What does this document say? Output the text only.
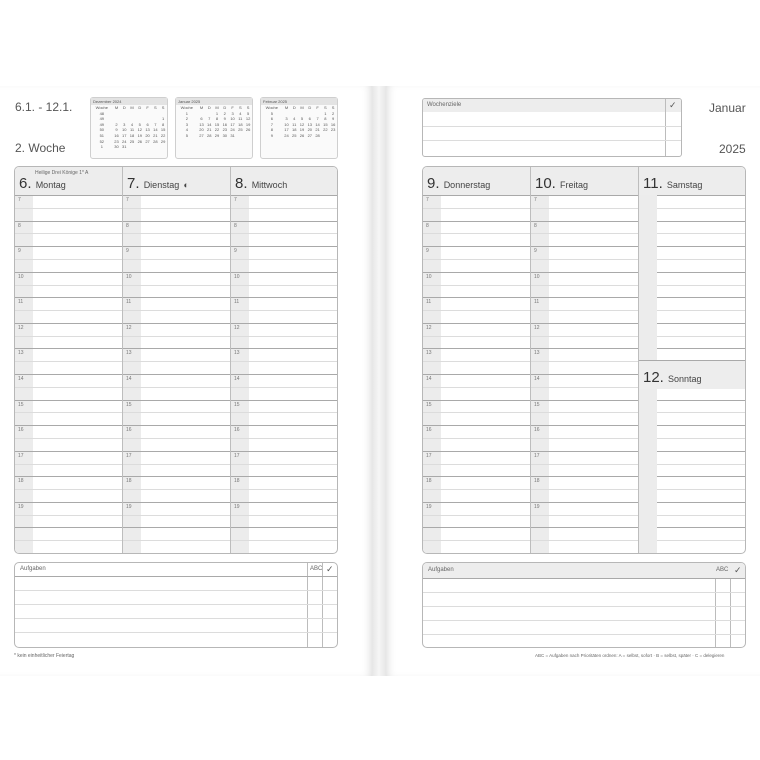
6.1. - 12.1.
2. Woche
Dezember 2024
Woche	M	D	M	D	F	S	S
48							
49							1
49	2	3	4	5	6	7	8
50	9	10	11	12	13	14	15
51	16	17	18	19	20	21	22
52	23	24	25	26	27	28	29
1	30	31					
Januar 2025
Woche	M	D	M	D	F	S	S
1			1	2	3	4	5
2	6	7	8	9	10	11	12
3	13	14	15	16	17	18	19
4	20	21	22	23	24	25	26
5	27	28	29	30	31		
Februar 2025
Woche	M	D	M	D	F	S	S
5						1	2
6	3	4	5	6	7	8	9
7	10	11	12	13	14	15	16
8	17	18	19	20	21	22	23
9	24	25	26	27	28		
Heilige Drei Könige 1* A
6. Montag	7. Dienstag ◐	8. Mittwoch
7	7	7
8	8	8
9	9	9
10	10	10
11	11	11
12	12	12
13	13	13
14	14	14
15	15	15
16	16	16
17	17	17
18	18	18
19	19	19
Aufgaben	ABC ✓
* kein einheitlicher Feiertag
Wochenziele	✓	Januar
2025
9. Donnerstag	10. Freitag	11. Samstag
7	7
8	8
9	9
10	10
11	11
12	12
13	13
14	14
15	15
16	16
17	17
18	18
19	19
12. Sonntag
Aufgaben	ABC ✓
ABC = Aufgaben nach Prioritäten ordnen: A = selbst, sofort · B = selbst, später · C = delegieren
